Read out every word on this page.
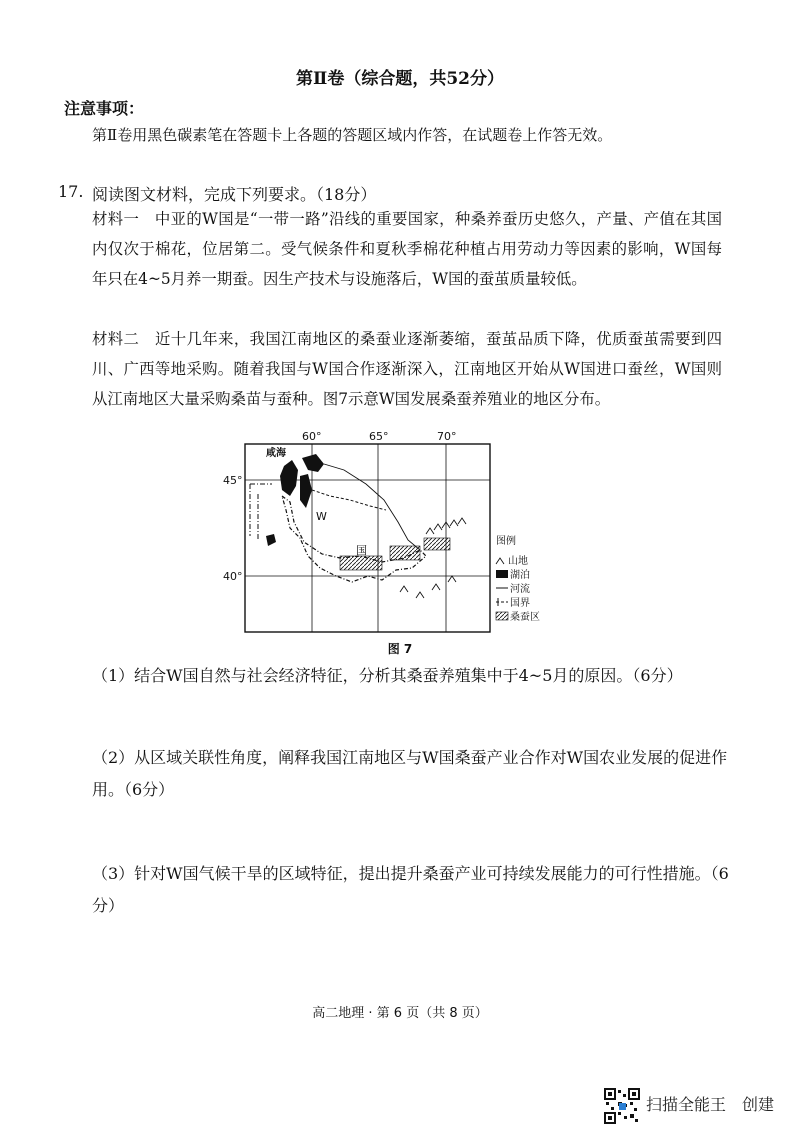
第Ⅱ卷（综合题，共52分）
注意事项：
第Ⅱ卷用黑色碳素笔在答题卡上各题的答题区域内作答，在试题卷上作答无效。
17. 阅读图文材料，完成下列要求。（18分）
材料一　中亚的W国是“一带一路”沿线的重要国家，种桑养蚕历史悠久，产量、产值在其国内仅次于棉花，位居第二。受气候条件和夏秋季棉花种植占用劳动力等因素的影响，W国每年只在4~5月养一期蚕。因生产技术与设施落后，W国的蚕茧质量较低。
材料二　近十几年来，我国江南地区的桑蚕业逐渐萎缩，蚕茧品质下降，优质蚕茧需要到四川、广西等地采购。随着我国与W国合作逐渐深入，江南地区开始从W国进口蚕丝，W国则从江南地区大量采购桑苗与蚕种。图7示意W国发展桑蚕养殖业的地区分布。
60°	65°	70°
45°
40°
咸海
W
国
图例
山地
湖泊
河流
国界
桑蚕区
图 7
（1）结合W国自然与社会经济特征，分析其桑蚕养殖集中于4~5月的原因。（6分）
（2）从区域关联性角度，阐释我国江南地区与W国桑蚕产业合作对W国农业发展的促进作用。（6分）
（3）针对W国气候干旱的区域特征，提出提升桑蚕产业可持续发展能力的可行性措施。（6分）
高二地理 · 第 6 页（共 8 页）
扫描全能王　创建
